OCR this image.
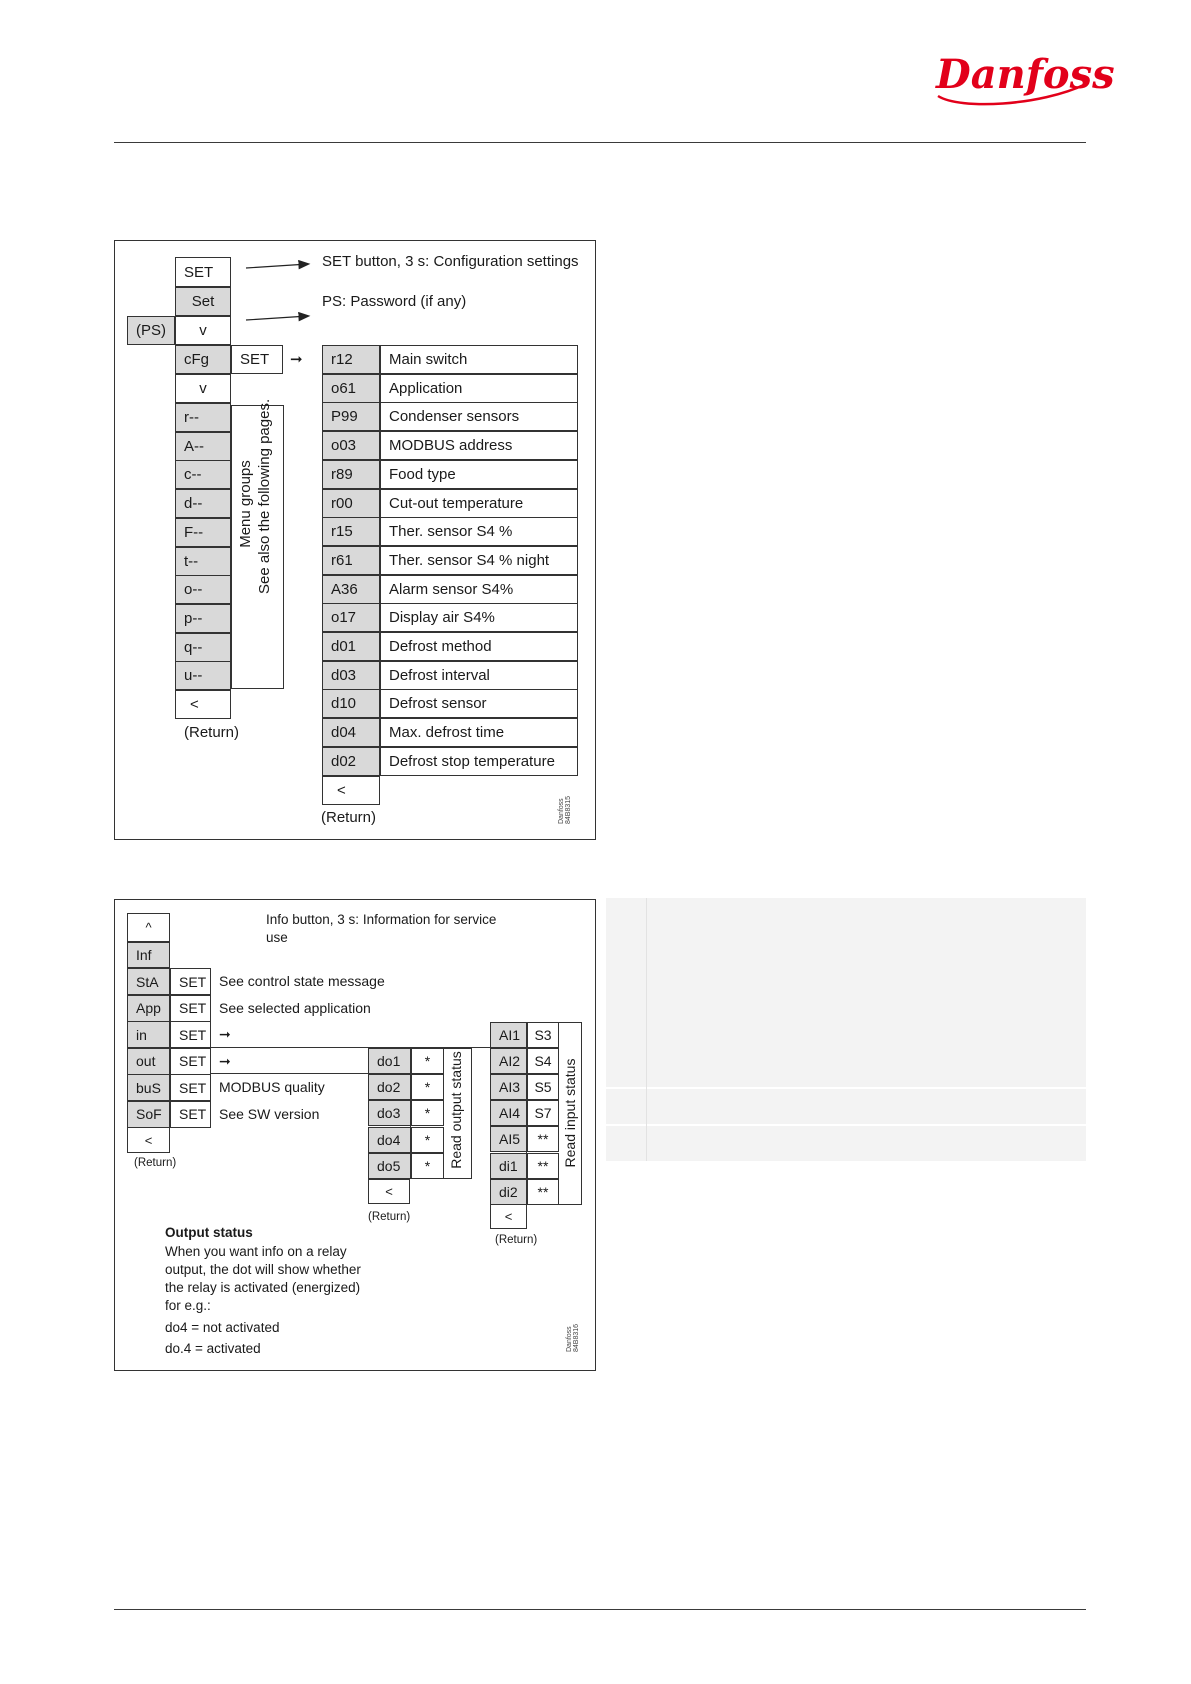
Danfoss
SET
Set
(PS)	v
cFg	SET	➞
v
SET button, 3 s: Configuration settings
PS: Password (if any)
r--
A--
c--
d--
F--
t--
o--
p--
q--
u--
Menu groups See also the following pages.
<
(Return)
r12	Main switch
o61	Application
P99	Condenser sensors
o03	MODBUS address
r89	Food type
r00	Cut-out temperature
r15	Ther. sensor S4 %
r61	Ther. sensor S4 % night
A36	Alarm sensor S4%
o17	Display air S4%
d01	Defrost method
d03	Defrost interval
d10	Defrost sensor
d04	Max. defrost time
d02	Defrost stop temperature
<
(Return)	Danfoss 84B8315
^
Info button, 3 s: Information for service
use
Inf
StA	SET See control state message
App	SET See selected application
in	SET ➞
out	SET ➞
buS	SET MODBUS quality
SoF	SET See SW version
<
(Return)
do1	*
do2	*
do3	*
do4	*
do5	*	Read output status
<
(Return)
AI1	S3
AI2	S4
AI3	S5
AI4	S7
AI5	**
di1	**
di2	**
Read input status
<
(Return)
Output status
When you want info on a relay
output, the dot will show whether
the relay is activated (energized)
for e.g.:
do4 = not activated
do.4 = activated	Danfoss 84B8316
